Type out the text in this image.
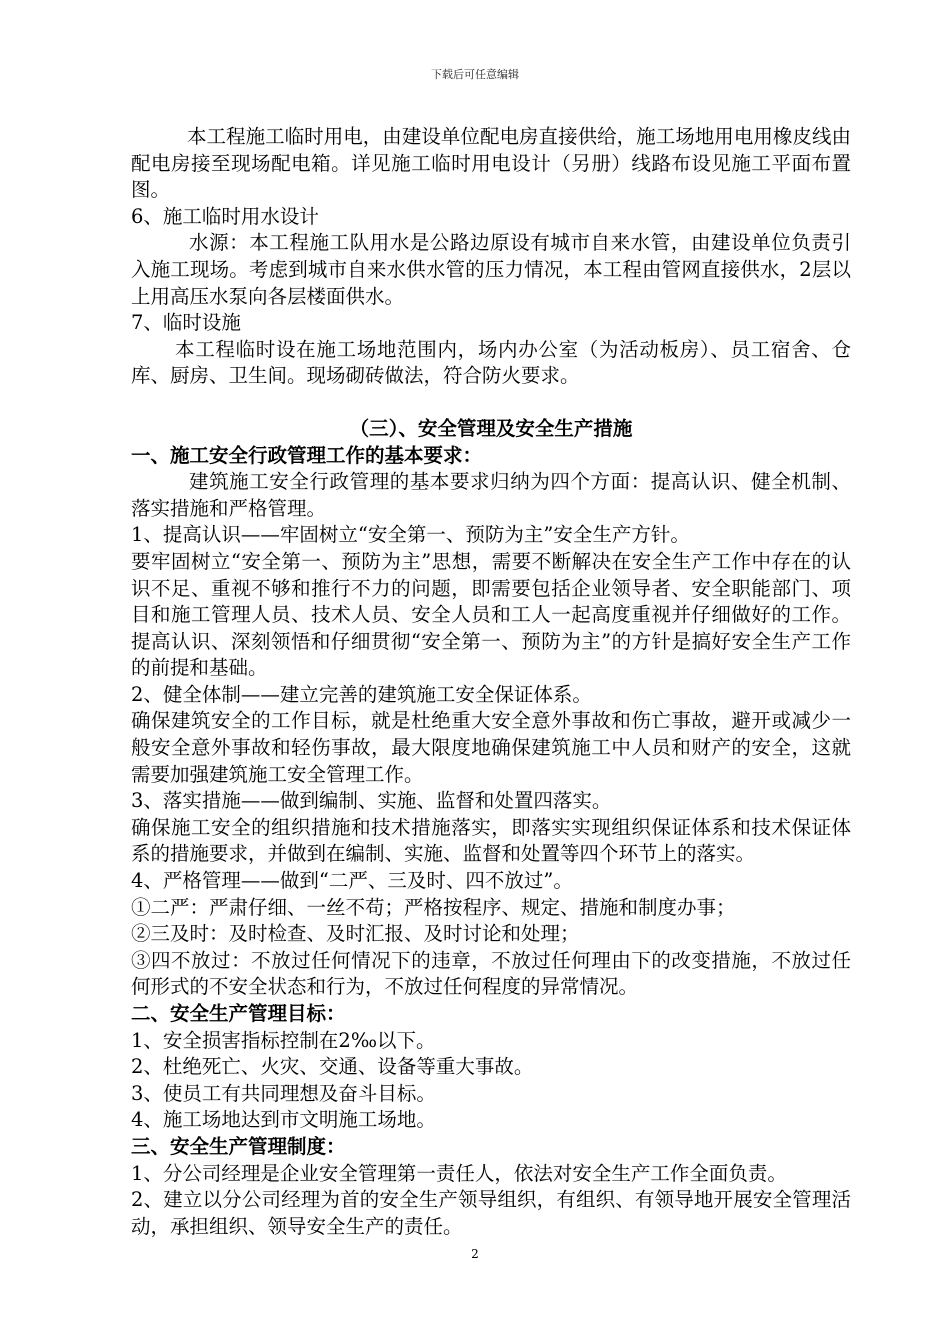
下载后可任意编辑

本工程施工临时用电，由建设单位配电房直接供给，施工场地用电用橡皮线由配电房接至现场配电箱。详见施工临时用电设计（另册）线路布设见施工平面布置图。

6、施工临时用水设计

水源：本工程施工队用水是公路边原设有城市自来水管，由建设单位负责引入施工现场。考虑到城市自来水供水管的压力情况，本工程由管网直接供水，2层以上用高压水泵向各层楼面供水。

7、临时设施

本工程临时设在施工场地范围内，场内办公室（为活动板房）、员工宿舍、仓库、厨房、卫生间。现场砌砖做法，符合防火要求。

（三）、安全管理及安全生产措施

一、施工安全行政管理工作的基本要求：

建筑施工安全行政管理的基本要求归纳为四个方面：提高认识、健全机制、落实措施和严格管理。

1、提高认识——牢固树立“安全第一、预防为主”安全生产方针。

要牢固树立“安全第一、预防为主”思想，需要不断解决在安全生产工作中存在的认识不足、重视不够和推行不力的问题，即需要包括企业领导者、安全职能部门、项目和施工管理人员、技术人员、安全人员和工人一起高度重视并仔细做好的工作。提高认识、深刻领悟和仔细贯彻“安全第一、预防为主”的方针是搞好安全生产工作的前提和基础。

2、健全体制——建立完善的建筑施工安全保证体系。

确保建筑安全的工作目标，就是杜绝重大安全意外事故和伤亡事故，避开或减少一般安全意外事故和轻伤事故，最大限度地确保建筑施工中人员和财产的安全，这就需要加强建筑施工安全管理工作。

3、落实措施——做到编制、实施、监督和处置四落实。

确保施工安全的组织措施和技术措施落实，即落实实现组织保证体系和技术保证体系的措施要求，并做到在编制、实施、监督和处置等四个环节上的落实。

4、严格管理——做到“二严、三及时、四不放过”。

①二严：严肃仔细、一丝不苟；严格按程序、规定、措施和制度办事；

②三及时：及时检查、及时汇报、及时讨论和处理；

③四不放过：不放过任何情况下的违章，不放过任何理由下的改变措施，不放过任何形式的不安全状态和行为，不放过任何程度的异常情况。

二、安全生产管理目标：

1、安全损害指标控制在2‰以下。

2、杜绝死亡、火灾、交通、设备等重大事故。

3、使员工有共同理想及奋斗目标。

4、施工场地达到市文明施工场地。

三、安全生产管理制度：

1、分公司经理是企业安全管理第一责任人，依法对安全生产工作全面负责。

2、建立以分公司经理为首的安全生产领导组织，有组织、有领导地开展安全管理活动，承担组织、领导安全生产的责任。

2
